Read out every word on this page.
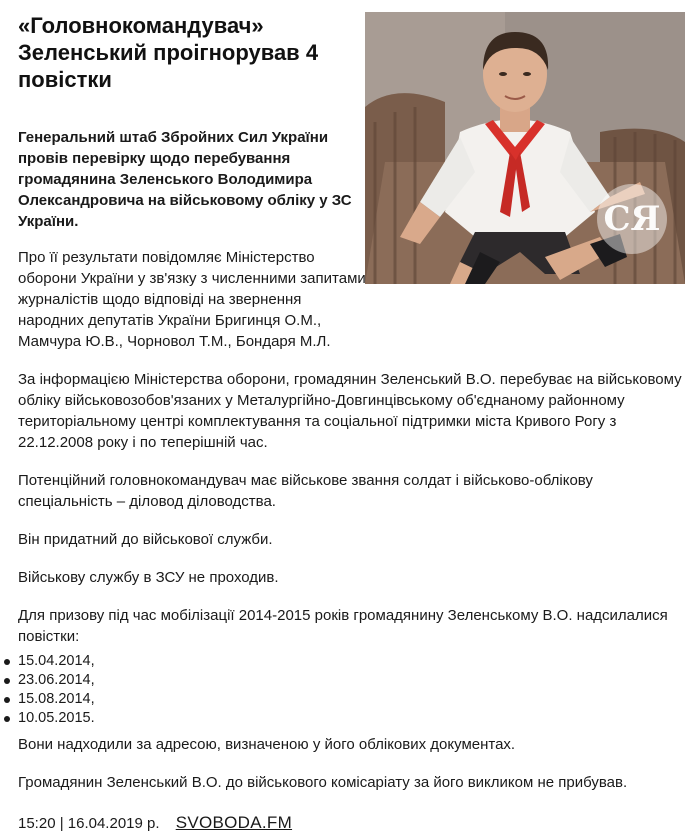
СЯ
«Головнокомандувач» Зеленський проігнорував 4 повістки

Генеральний штаб Збройних Сил України провів перевірку щодо перебування громадянина Зеленського Володимира Олександровича на військовому обліку у ЗС України.

Про її результати повідомляє Міністерство оборони України у зв'язку з численними запитами журналістів щодо відповіді на звернення народних депутатів України Бригинця О.М., Мамчура Ю.В., Чорновол Т.М., Бондаря М.Л.

За інформацією Міністерства оборони, громадянин Зеленський В.О. перебуває на військовому обліку військовозобов'язаних у Металургійно-Довгинцівському об'єднаному районному територіальному центрі комплектування та соціальної підтримки міста Кривого Рогу з 22.12.2008 року і по теперішній час.

Потенційний головнокомандувач має військове звання солдат і військово-облікову спеціальність – діловод діловодства.

Він придатний до військової служби.

Військову службу в ЗСУ не проходив.

Для призову під час мобілізації 2014-2015 років громадянину Зеленському В.О. надсилалися повістки:

15.04.2014,
23.06.2014,
15.08.2014,
10.05.2015.

Вони надходили за адресою, визначеною у його облікових документах.

Громадянин Зеленський В.О. до військового комісаріату за його викликом не прибував.

15:20 | 16.04.2019 р. SVOBODA.FM
